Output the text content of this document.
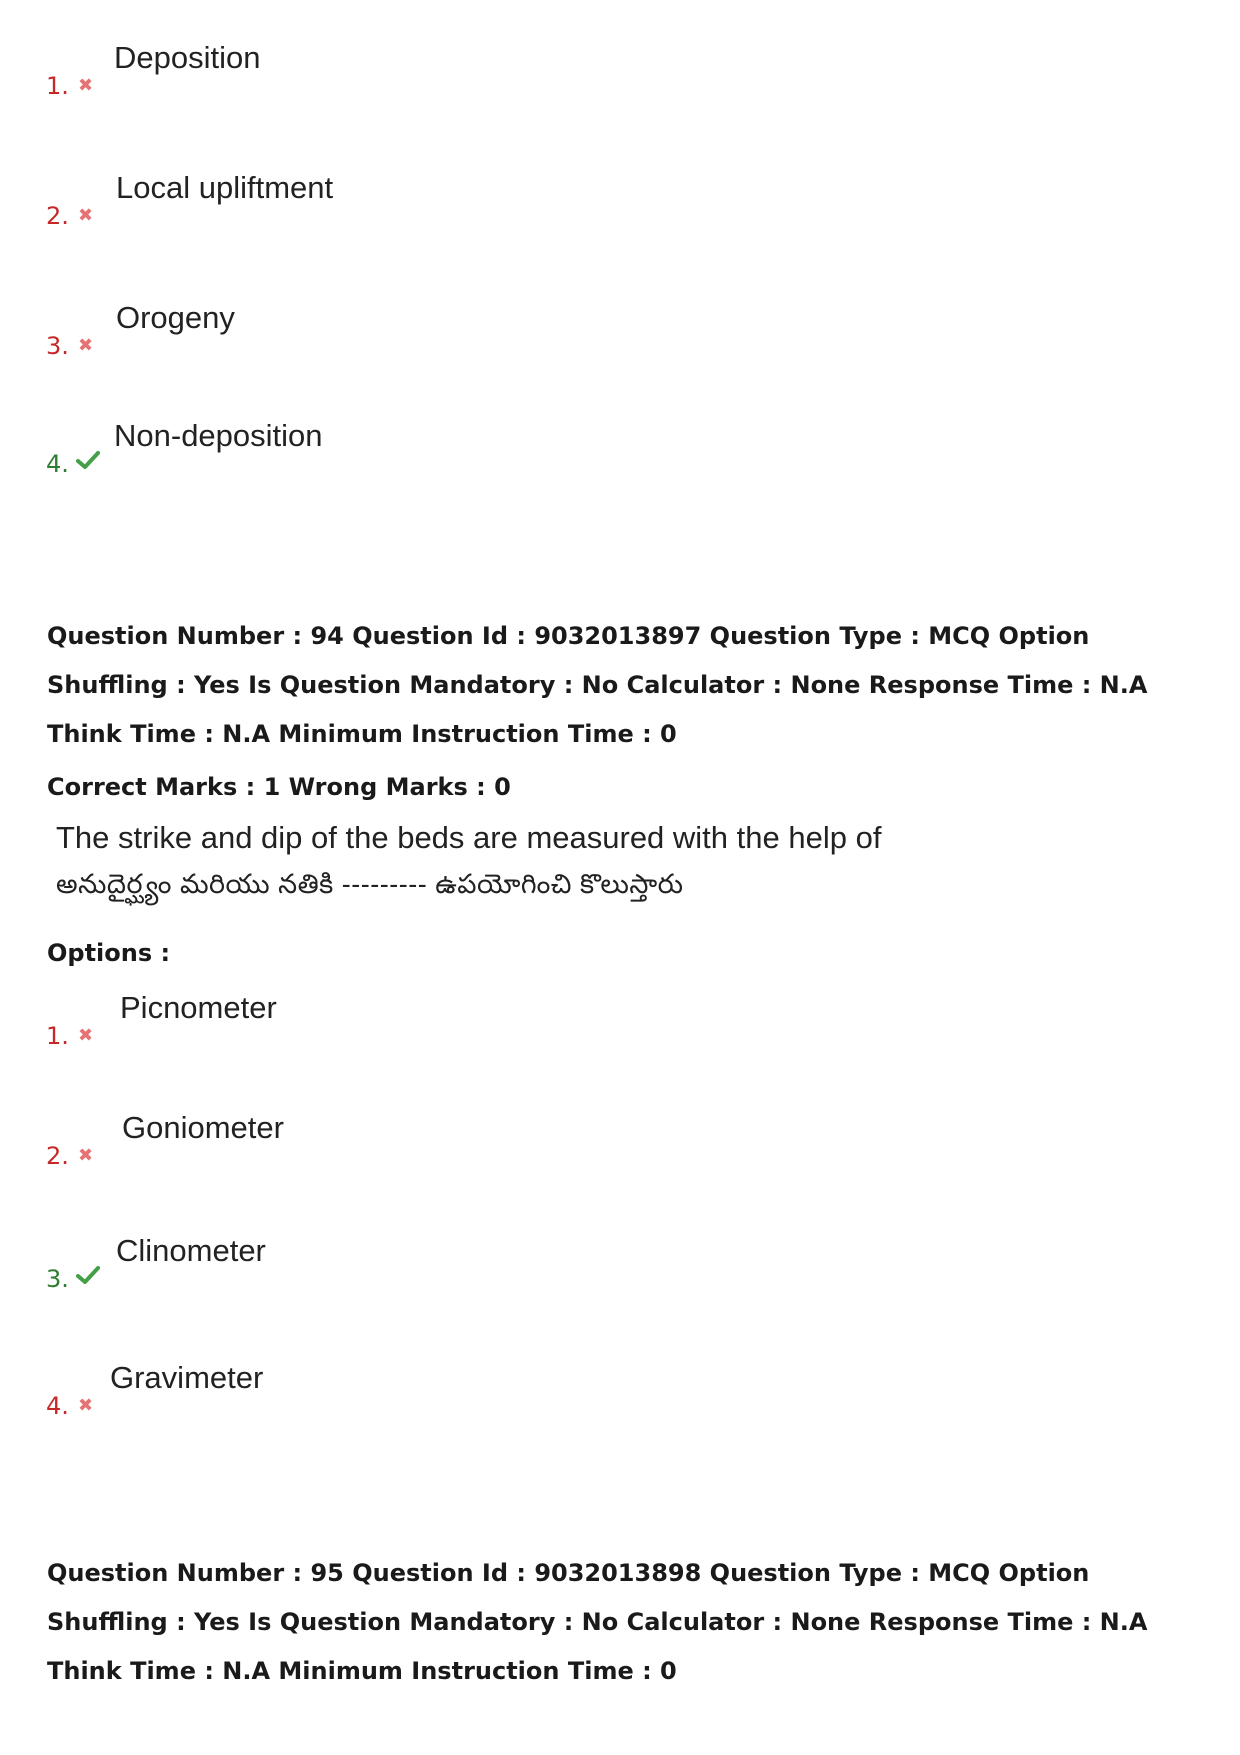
1. ✖
Deposition
2. ✖
Local upliftment
3. ✖
Orogeny
4.
Non-deposition
Question Number : 94 Question Id : 9032013897 Question Type : MCQ Option Shuffling : Yes Is Question Mandatory : No Calculator : None Response Time : N.A Think Time : N.A Minimum Instruction Time : 0
Correct Marks : 1 Wrong Marks : 0
The strike and dip of the beds are measured with the help of
అనుదైర్ఘ్యం మరియు నతికి --------- ఉపయోగించి కొలుస్తారు
Options :
1. ✖
Picnometer
2. ✖
Goniometer
3.
Clinometer
4. ✖
Gravimeter
Question Number : 95 Question Id : 9032013898 Question Type : MCQ Option Shuffling : Yes Is Question Mandatory : No Calculator : None Response Time : N.A Think Time : N.A Minimum Instruction Time : 0
